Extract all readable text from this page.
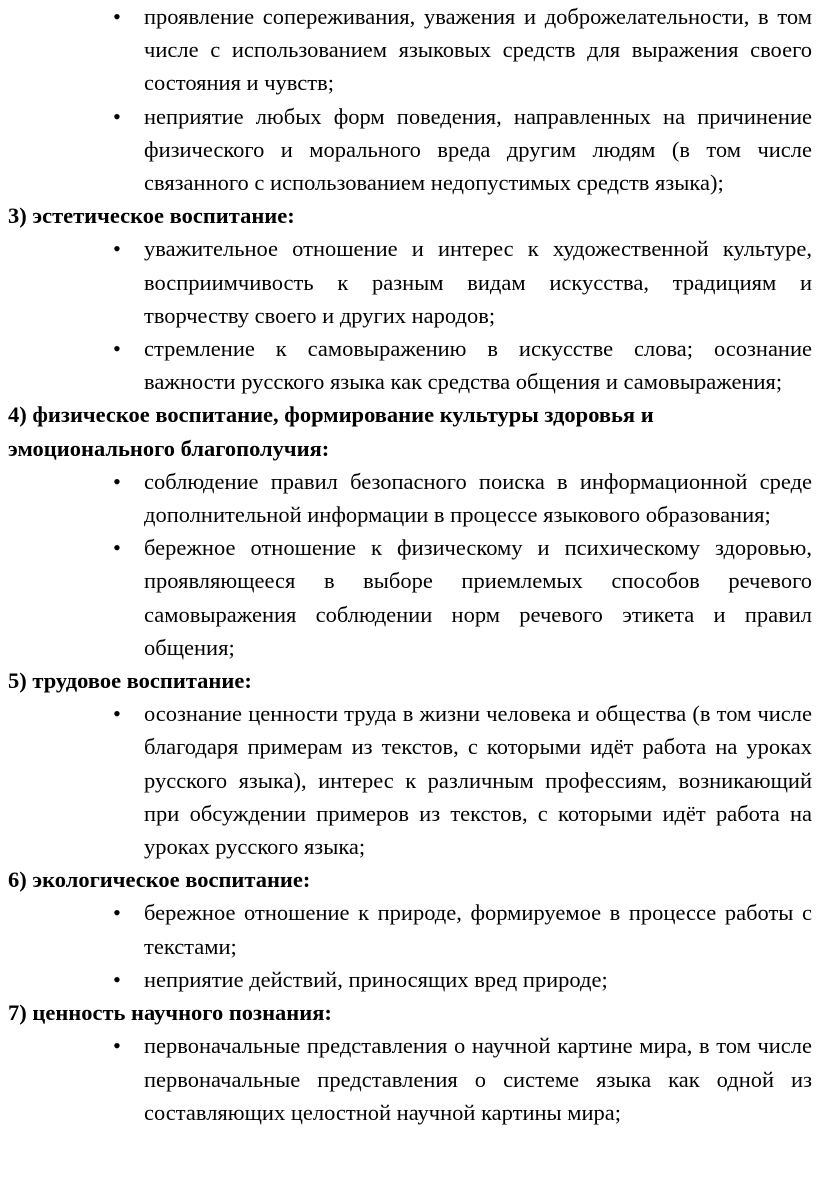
• проявление сопереживания, уважения и доброжелательности, в том числе с использованием языковых средств для выражения своего состояния и чувств;
• неприятие любых форм поведения, направленных на причинение физического и морального вреда другим людям (в том числе связанного с использованием недопустимых средств языка);

3) эстетическое воспитание:

• уважительное отношение и интерес к художественной культуре, восприимчивость к разным видам искусства, традициям и творчеству своего и других народов;
• стремление к самовыражению в искусстве слова; осознание важности русского языка как средства общения и самовыражения;

4) физическое воспитание, формирование культуры здоровья и эмоционального благополучия:

• соблюдение правил безопасного поиска в информационной среде дополнительной информации в процессе языкового образования;
• бережное отношение к физическому и психическому здоровью, проявляющееся в выборе приемлемых способов речевого самовыражения соблюдении норм речевого этикета и правил общения;

5) трудовое воспитание:

• осознание ценности труда в жизни человека и общества (в том числе благодаря примерам из текстов, с которыми идёт работа на уроках русского языка), интерес к различным профессиям, возникающий при обсуждении примеров из текстов, с которыми идёт работа на уроках русского языка;

6) экологическое воспитание:

• бережное отношение к природе, формируемое в процессе работы с текстами;
• неприятие действий, приносящих вред природе;

7) ценность научного познания:

• первоначальные представления о научной картине мира, в том числе первоначальные представления о системе языка как одной из составляющих целостной научной картины мира;
